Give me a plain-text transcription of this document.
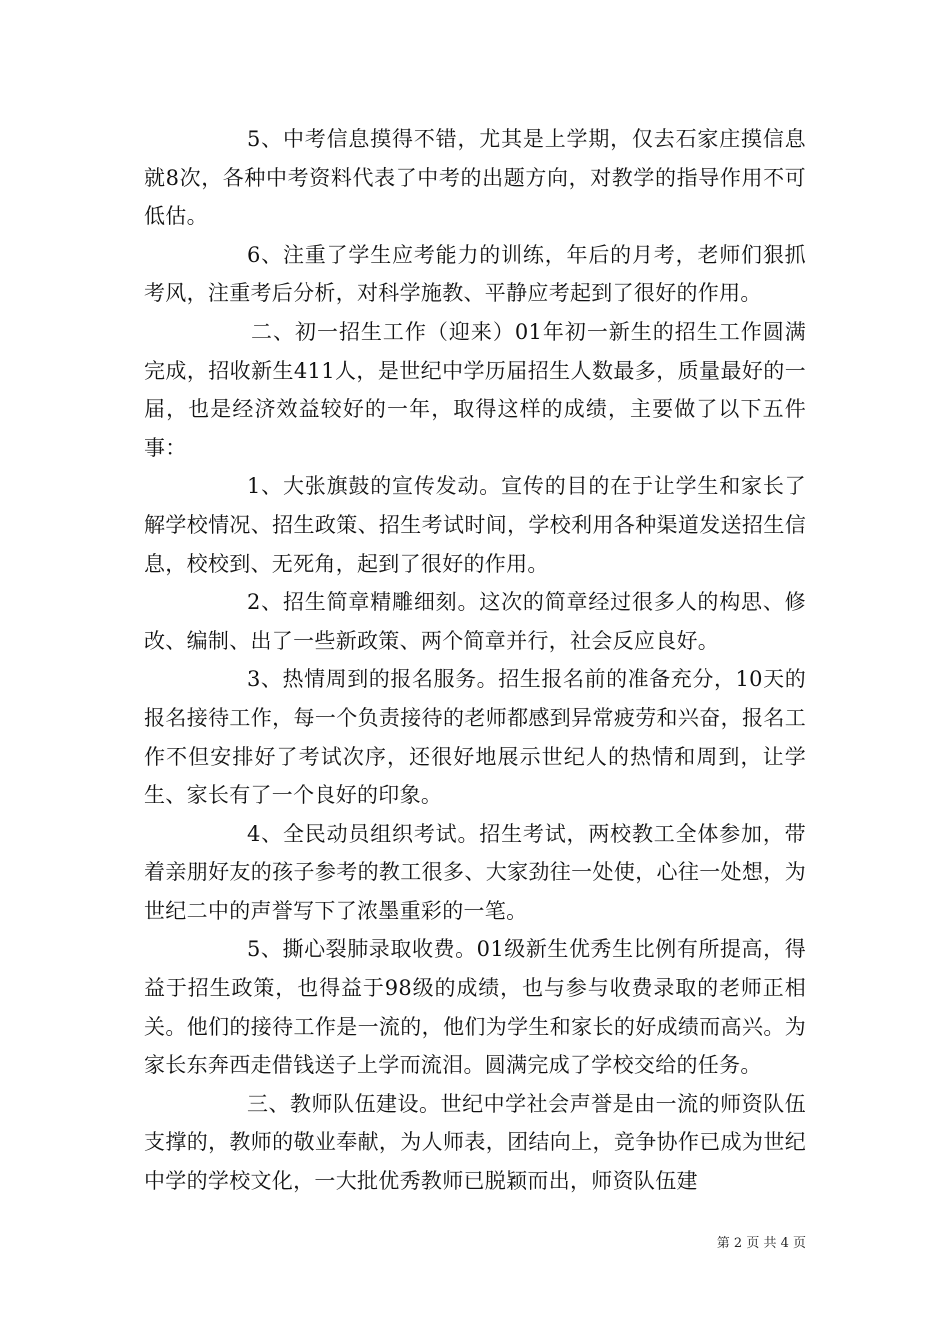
5、中考信息摸得不错，尤其是上学期，仅去石家庄摸信息就8次，各种中考资料代表了中考的出题方向，对教学的指导作用不可低估。

6、注重了学生应考能力的训练，年后的月考，老师们狠抓考风，注重考后分析，对科学施教、平静应考起到了很好的作用。

二、初一招生工作（迎来）01年初一新生的招生工作圆满完成，招收新生411人，是世纪中学历届招生人数最多，质量最好的一届，也是经济效益较好的一年，取得这样的成绩，主要做了以下五件事：

1、大张旗鼓的宣传发动。宣传的目的在于让学生和家长了解学校情况、招生政策、招生考试时间，学校利用各种渠道发送招生信息，校校到、无死角，起到了很好的作用。

2、招生简章精雕细刻。这次的简章经过很多人的构思、修改、编制、出了一些新政策、两个简章并行，社会反应良好。

3、热情周到的报名服务。招生报名前的准备充分，10天的报名接待工作，每一个负责接待的老师都感到异常疲劳和兴奋，报名工作不但安排好了考试次序，还很好地展示世纪人的热情和周到，让学生、家长有了一个良好的印象。

4、全民动员组织考试。招生考试，两校教工全体参加，带着亲朋好友的孩子参考的教工很多、大家劲往一处使，心往一处想，为世纪二中的声誉写下了浓墨重彩的一笔。

5、撕心裂肺录取收费。01级新生优秀生比例有所提高，得益于招生政策，也得益于98级的成绩，也与参与收费录取的老师正相关。他们的接待工作是一流的，他们为学生和家长的好成绩而高兴。为家长东奔西走借钱送子上学而流泪。圆满完成了学校交给的任务。

三、教师队伍建设。世纪中学社会声誉是由一流的师资队伍支撑的，教师的敬业奉献，为人师表，团结向上，竞争协作已成为世纪中学的学校文化，一大批优秀教师已脱颖而出，师资队伍建

第 2 页 共 4 页
